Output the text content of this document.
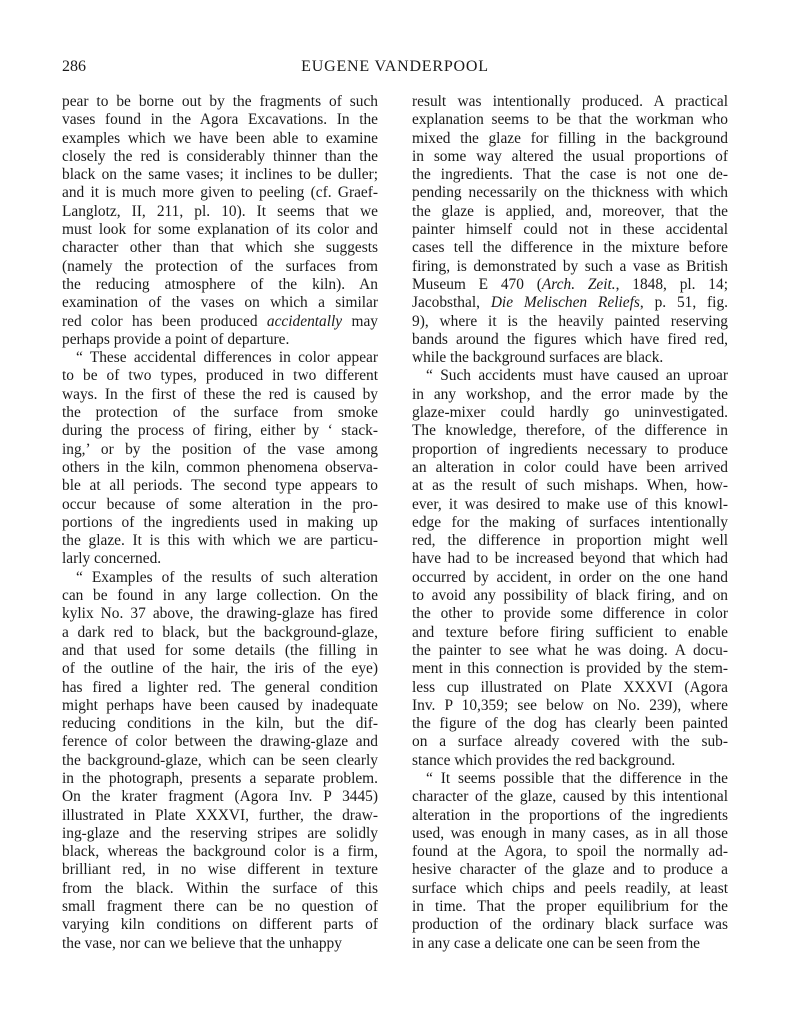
286	EUGENE VANDERPOOL
pear to be borne out by the fragments of such
vases found in the Agora Excavations. In the
examples which we have been able to examine
closely the red is considerably thinner than the
black on the same vases; it inclines to be duller;
and it is much more given to peeling (cf. Graef-
Langlotz, II, 211, pl. 10). It seems that we
must look for some explanation of its color and
character other than that which she suggests
(namely the protection of the surfaces from
the reducing atmosphere of the kiln). An
examination of the vases on which a similar
red color has been produced accidentally may
perhaps provide a point of departure.
“ These accidental differences in color appear
to be of two types, produced in two different
ways. In the first of these the red is caused by
the protection of the surface from smoke
during the process of firing, either by ‘ stack-
ing,’ or by the position of the vase among
others in the kiln, common phenomena observa-
ble at all periods. The second type appears to
occur because of some alteration in the pro-
portions of the ingredients used in making up
the glaze. It is this with which we are particu-
larly concerned.
“ Examples of the results of such alteration
can be found in any large collection. On the
kylix No. 37 above, the drawing-glaze has fired
a dark red to black, but the background-glaze,
and that used for some details (the filling in
of the outline of the hair, the iris of the eye)
has fired a lighter red. The general condition
might perhaps have been caused by inadequate
reducing conditions in the kiln, but the dif-
ference of color between the drawing-glaze and
the background-glaze, which can be seen clearly
in the photograph, presents a separate problem.
On the krater fragment (Agora Inv. P 3445)
illustrated in Plate XXXVI, further, the draw-
ing-glaze and the reserving stripes are solidly
black, whereas the background color is a firm,
brilliant red, in no wise different in texture
from the black. Within the surface of this
small fragment there can be no question of
varying kiln conditions on different parts of
the vase, nor can we believe that the unhappy
result was intentionally produced. A practical
explanation seems to be that the workman who
mixed the glaze for filling in the background
in some way altered the usual proportions of
the ingredients. That the case is not one de-
pending necessarily on the thickness with which
the glaze is applied, and, moreover, that the
painter himself could not in these accidental
cases tell the difference in the mixture before
firing, is demonstrated by such a vase as British
Museum E 470 (Arch. Zeit., 1848, pl. 14;
Jacobsthal, Die Melischen Reliefs, p. 51, fig.
9), where it is the heavily painted reserving
bands around the figures which have fired red,
while the background surfaces are black.
“ Such accidents must have caused an uproar
in any workshop, and the error made by the
glaze-mixer could hardly go uninvestigated.
The knowledge, therefore, of the difference in
proportion of ingredients necessary to produce
an alteration in color could have been arrived
at as the result of such mishaps. When, how-
ever, it was desired to make use of this knowl-
edge for the making of surfaces intentionally
red, the difference in proportion might well
have had to be increased beyond that which had
occurred by accident, in order on the one hand
to avoid any possibility of black firing, and on
the other to provide some difference in color
and texture before firing sufficient to enable
the painter to see what he was doing. A docu-
ment in this connection is provided by the stem-
less cup illustrated on Plate XXXVI (Agora
Inv. P 10,359; see below on No. 239), where
the figure of the dog has clearly been painted
on a surface already covered with the sub-
stance which provides the red background.
“ It seems possible that the difference in the
character of the glaze, caused by this intentional
alteration in the proportions of the ingredients
used, was enough in many cases, as in all those
found at the Agora, to spoil the normally ad-
hesive character of the glaze and to produce a
surface which chips and peels readily, at least
in time. That the proper equilibrium for the
production of the ordinary black surface was
in any case a delicate one can be seen from the
